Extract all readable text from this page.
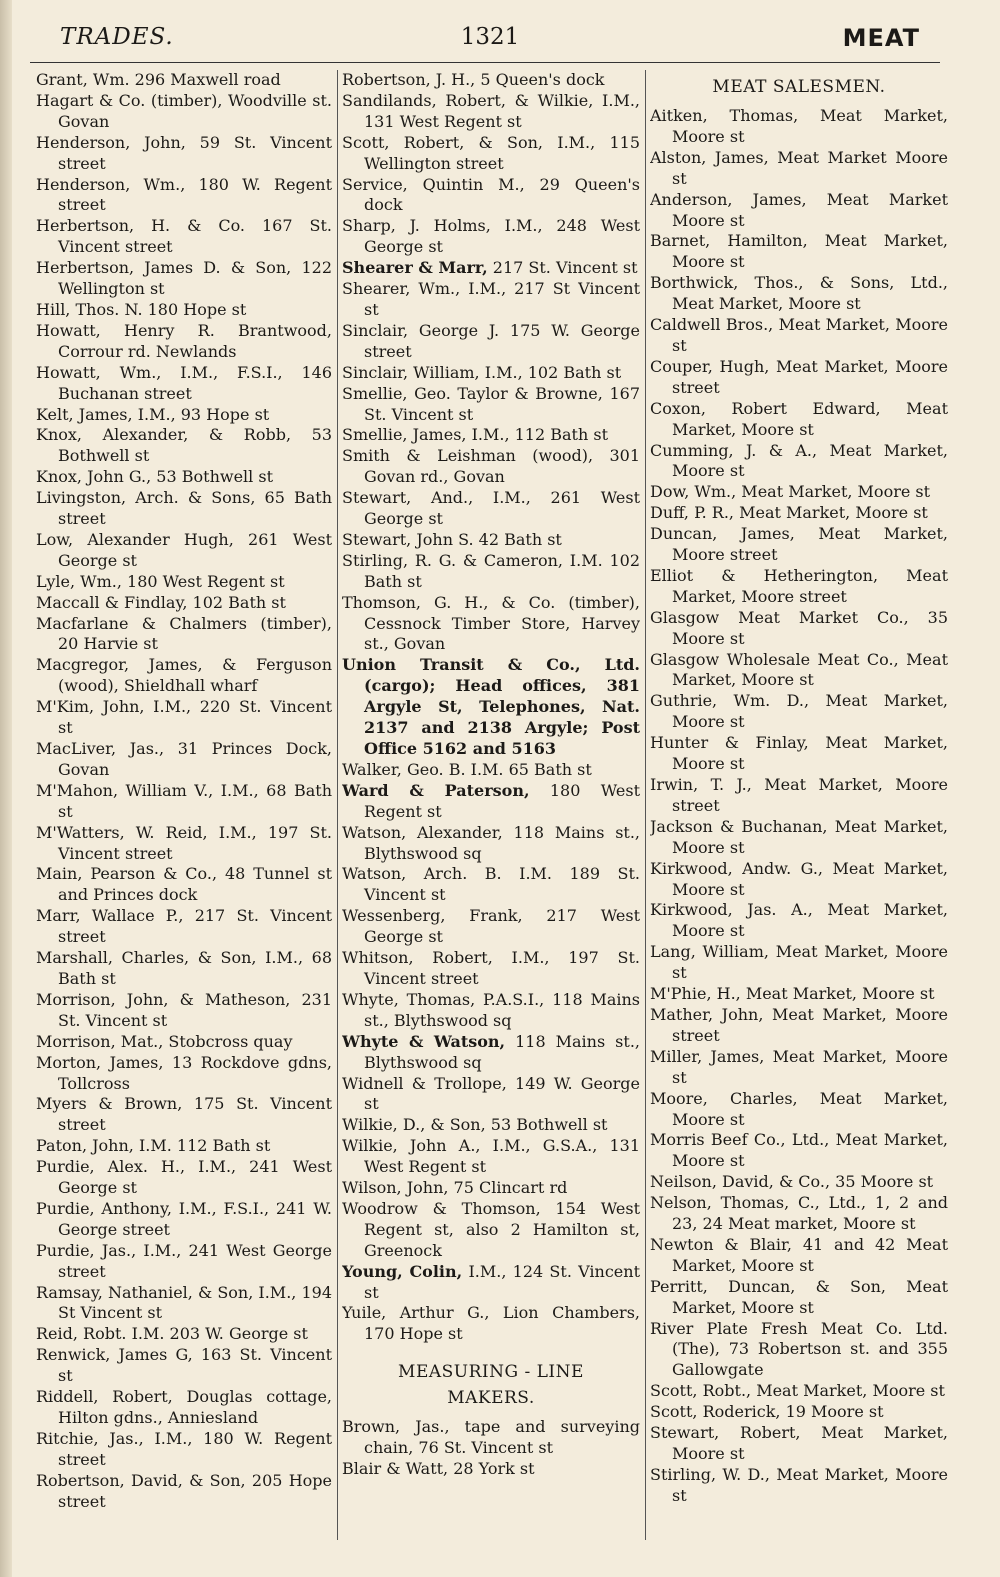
TRADES.	1321	MEAT

Grant, Wm. 296 Maxwell road

Hagart & Co. (timber), Woodville st. Govan

Henderson, John, 59 St. Vincent street

Henderson, Wm., 180 W. Regent street

Herbertson, H. & Co. 167 St. Vincent street

Herbertson, James D. & Son, 122 Wellington st

Hill, Thos. N. 180 Hope st

Howatt, Henry R. Brantwood, Corrour rd. Newlands

Howatt, Wm., I.M., F.S.I., 146 Buchanan street

Kelt, James, I.M., 93 Hope st

Knox, Alexander, & Robb, 53 Bothwell st

Knox, John G., 53 Bothwell st

Livingston, Arch. & Sons, 65 Bath street

Low, Alexander Hugh, 261 West George st

Lyle, Wm., 180 West Regent st

Maccall & Findlay, 102 Bath st

Macfarlane & Chalmers (timber), 20 Harvie st

Macgregor, James, & Ferguson (wood), Shieldhall wharf

M'Kim, John, I.M., 220 St. Vincent st

MacLiver, Jas., 31 Princes Dock, Govan

M'Mahon, William V., I.M., 68 Bath st

M'Watters, W. Reid, I.M., 197 St. Vincent street

Main, Pearson & Co., 48 Tunnel st and Princes dock

Marr, Wallace P., 217 St. Vincent street

Marshall, Charles, & Son, I.M., 68 Bath st

Morrison, John, & Matheson, 231 St. Vincent st

Morrison, Mat., Stobcross quay

Morton, James, 13 Rockdove gdns, Tollcross

Myers & Brown, 175 St. Vincent street

Paton, John, I.M. 112 Bath st

Purdie, Alex. H., I.M., 241 West George st

Purdie, Anthony, I.M., F.S.I., 241 W. George street

Purdie, Jas., I.M., 241 West George street

Ramsay, Nathaniel, & Son, I.M., 194 St Vincent st

Reid, Robt. I.M. 203 W. George st

Renwick, James G, 163 St. Vincent st

Riddell, Robert, Douglas cottage, Hilton gdns., Anniesland

Ritchie, Jas., I.M., 180 W. Regent street

Robertson, David, & Son, 205 Hope street

Robertson, J. H., 5 Queen's dock

Sandilands, Robert, & Wilkie, I.M., 131 West Regent st

Scott, Robert, & Son, I.M., 115 Wellington street

Service, Quintin M., 29 Queen's dock

Sharp, J. Holms, I.M., 248 West George st

Shearer & Marr, 217 St. Vincent st

Shearer, Wm., I.M., 217 St Vincent st

Sinclair, George J. 175 W. George street

Sinclair, William, I.M., 102 Bath st

Smellie, Geo. Taylor & Browne, 167 St. Vincent st

Smellie, James, I.M., 112 Bath st

Smith & Leishman (wood), 301 Govan rd., Govan

Stewart, And., I.M., 261 West George st

Stewart, John S. 42 Bath st

Stirling, R. G. & Cameron, I.M. 102 Bath st

Thomson, G. H., & Co. (timber), Cessnock Timber Store, Harvey st., Govan

Union Transit & Co., Ltd. (cargo); Head offices, 381 Argyle St, Telephones, Nat. 2137 and 2138 Argyle; Post Office 5162 and 5163

Walker, Geo. B. I.M. 65 Bath st

Ward & Paterson, 180 West Regent st

Watson, Alexander, 118 Mains st., Blythswood sq

Watson, Arch. B. I.M. 189 St. Vincent st

Wessenberg, Frank, 217 West George st

Whitson, Robert, I.M., 197 St. Vincent street

Whyte, Thomas, P.A.S.I., 118 Mains st., Blythswood sq

Whyte & Watson, 118 Mains st., Blythswood sq

Widnell & Trollope, 149 W. George st

Wilkie, D., & Son, 53 Bothwell st

Wilkie, John A., I.M., G.S.A., 131 West Regent st

Wilson, John, 75 Clincart rd

Woodrow & Thomson, 154 West Regent st, also 2 Hamilton st, Greenock

Young, Colin, I.M., 124 St. Vincent st

Yuile, Arthur G., Lion Chambers, 170 Hope st

MEASURING - LINE
MAKERS.

Brown, Jas., tape and surveying chain, 76 St. Vincent st

Blair & Watt, 28 York st

MEAT SALESMEN.

Aitken, Thomas, Meat Market, Moore st

Alston, James, Meat Market Moore st

Anderson, James, Meat Market Moore st

Barnet, Hamilton, Meat Market, Moore st

Borthwick, Thos., & Sons, Ltd., Meat Market, Moore st

Caldwell Bros., Meat Market, Moore st

Couper, Hugh, Meat Market, Moore street

Coxon, Robert Edward, Meat Market, Moore st

Cumming, J. & A., Meat Market, Moore st

Dow, Wm., Meat Market, Moore st

Duff, P. R., Meat Market, Moore st

Duncan, James, Meat Market, Moore street

Elliot & Hetherington, Meat Market, Moore street

Glasgow Meat Market Co., 35 Moore st

Glasgow Wholesale Meat Co., Meat Market, Moore st

Guthrie, Wm. D., Meat Market, Moore st

Hunter & Finlay, Meat Market, Moore st

Irwin, T. J., Meat Market, Moore street

Jackson & Buchanan, Meat Market, Moore st

Kirkwood, Andw. G., Meat Market, Moore st

Kirkwood, Jas. A., Meat Market, Moore st

Lang, William, Meat Market, Moore st

M'Phie, H., Meat Market, Moore st

Mather, John, Meat Market, Moore street

Miller, James, Meat Market, Moore st

Moore, Charles, Meat Market, Moore st

Morris Beef Co., Ltd., Meat Market, Moore st

Neilson, David, & Co., 35 Moore st

Nelson, Thomas, C., Ltd., 1, 2 and 23, 24 Meat market, Moore st

Newton & Blair, 41 and 42 Meat Market, Moore st

Perritt, Duncan, & Son, Meat Market, Moore st

River Plate Fresh Meat Co. Ltd. (The), 73 Robertson st. and 355 Gallowgate

Scott, Robt., Meat Market, Moore st

Scott, Roderick, 19 Moore st

Stewart, Robert, Meat Market, Moore st

Stirling, W. D., Meat Market, Moore st
